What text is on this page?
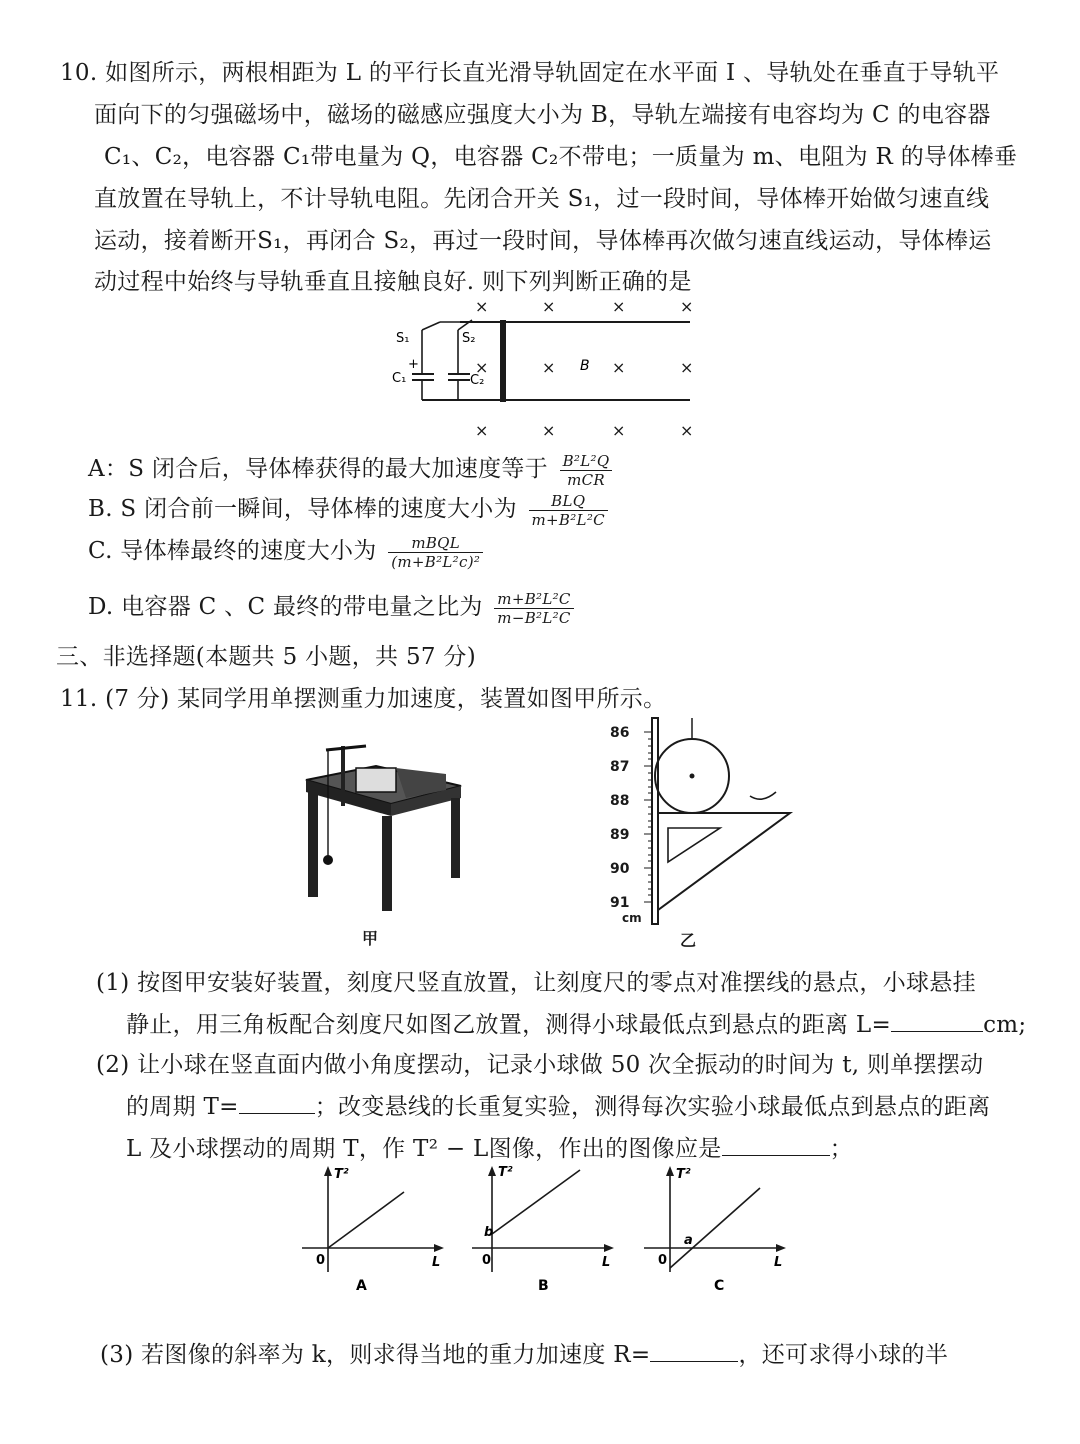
10. 如图所示，两根相距为 L 的平行长直光滑导轨固定在水平面 I 、导轨处在垂直于导轨平
面向下的匀强磁场中，磁场的磁感应强度大小为 B，导轨左端接有电容均为 C 的电容器
C₁、C₂，电容器 C₁带电量为 Q，电容器 C₂不带电；一质量为 m、电阻为 R 的导体棒垂
直放置在导轨上，不计导轨电阻。先闭合开关 S₁，过一段时间，导体棒开始做匀速直线
运动，接着断开S₁，再闭合 S₂，再过一段时间，导体棒再次做匀速直线运动，导体棒运
动过程中始终与导轨垂直且接触良好. 则下列判断正确的是
×	×	×	×
×	×	×	×
×	×	×	×
B
S₁	S₂
+
C₁	C₂
A：S 闭合后，导体棒获得的最大加速度等于 $\frac{\text{B²L²Q}}{\text{mCR}}$
B. S 闭合前一瞬间，导体棒的速度大小为 $\frac{\text{BLQ}}{\text{m+B²L²C}}$
C. 导体棒最终的速度大小为 $\frac{\text{mBQL}}{\text{(m+B²L²c)²}}$
D. 电容器 C 、C 最终的带电量之比为 $\frac{\text{m+B²L²C}}{\text{m−B²L²C}}$
三、非选择题(本题共 5 小题，共 57 分)
11. (7 分) 某同学用单摆测重力加速度，装置如图甲所示。
甲
86
87
88
89
90
91
cm
乙
(1) 按图甲安装好装置，刻度尺竖直放置，让刻度尺的零点对准摆线的悬点，小球悬挂
静止，用三角板配合刻度尺如图乙放置，测得小球最低点到悬点的距离 L=	cm;
(2) 让小球在竖直面内做小角度摆动，记录小球做 50 次全振动的时间为 t, 则单摆摆动
的周期 T=	；改变悬线的长重复实验，测得每次实验小球最低点到悬点的距离
L 及小球摆动的周期 T，作 T² − L图像，作出的图像应是	；
T²
L
0
A
T²
L
0
b
B
T²
L
0
a
C
(3) 若图像的斜率为 k，则求得当地的重力加速度 R=	，还可求得小球的半
